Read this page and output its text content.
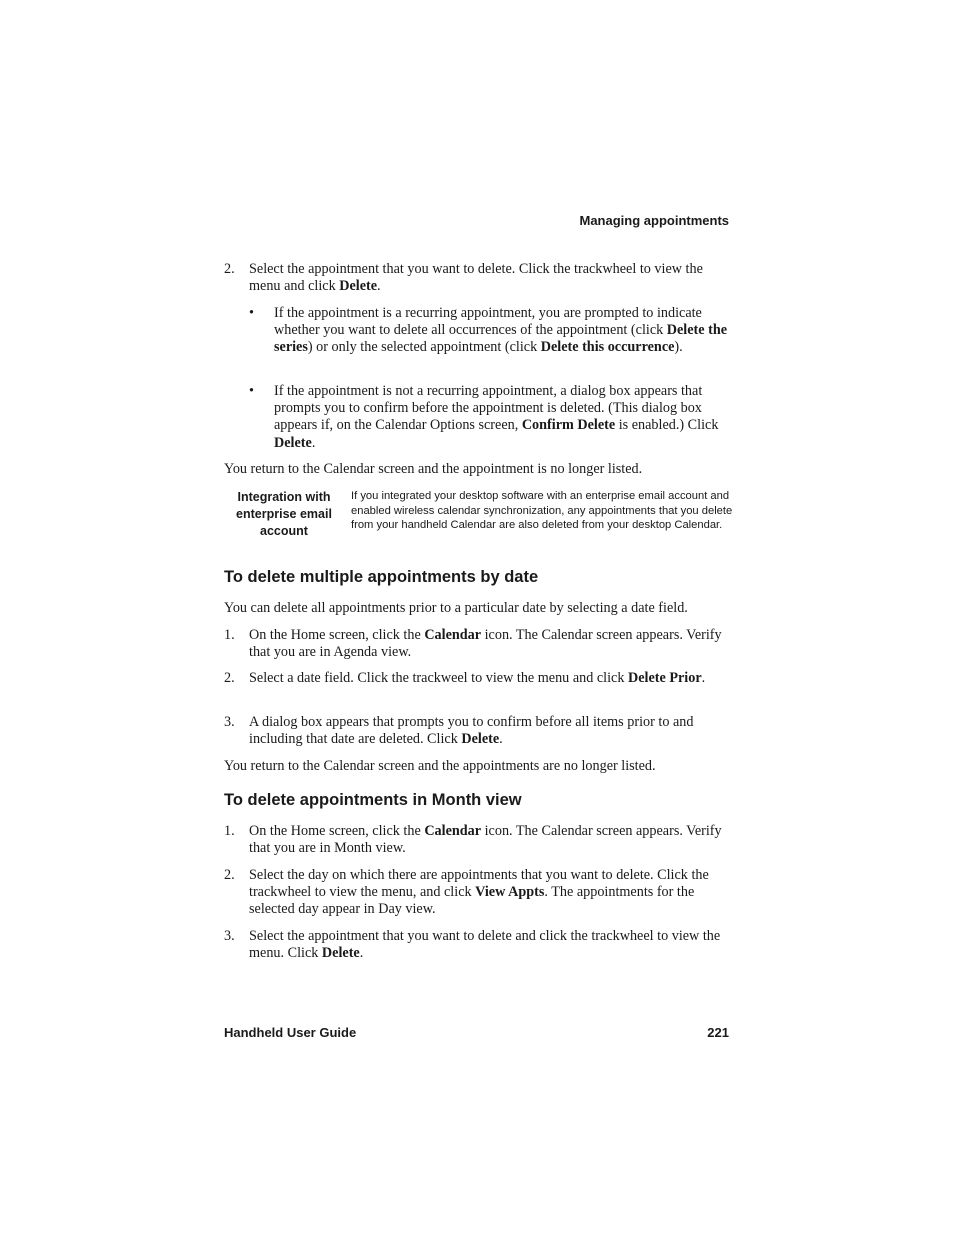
Managing appointments
2. Select the appointment that you want to delete. Click the trackwheel to view the menu and click Delete.
• If the appointment is a recurring appointment, you are prompted to indicate whether you want to delete all occurrences of the appointment (click Delete the series) or only the selected appointment (click Delete this occurrence).
• If the appointment is not a recurring appointment, a dialog box appears that prompts you to confirm before the appointment is deleted. (This dialog box appears if, on the Calendar Options screen, Confirm Delete is enabled.) Click Delete.
You return to the Calendar screen and the appointment is no longer listed.
Integration with enterprise email account
If you integrated your desktop software with an enterprise email account and enabled wireless calendar synchronization, any appointments that you delete from your handheld Calendar are also deleted from your desktop Calendar.
To delete multiple appointments by date
You can delete all appointments prior to a particular date by selecting a date field.
1. On the Home screen, click the Calendar icon. The Calendar screen appears. Verify that you are in Agenda view.
2. Select a date field. Click the trackweel to view the menu and click Delete Prior.
3. A dialog box appears that prompts you to confirm before all items prior to and including that date are deleted. Click Delete.
You return to the Calendar screen and the appointments are no longer listed.
To delete appointments in Month view
1. On the Home screen, click the Calendar icon. The Calendar screen appears. Verify that you are in Month view.
2. Select the day on which there are appointments that you want to delete. Click the trackwheel to view the menu, and click View Appts. The appointments for the selected day appear in Day view.
3. Select the appointment that you want to delete and click the trackwheel to view the menu. Click Delete.
Handheld User Guide	221
